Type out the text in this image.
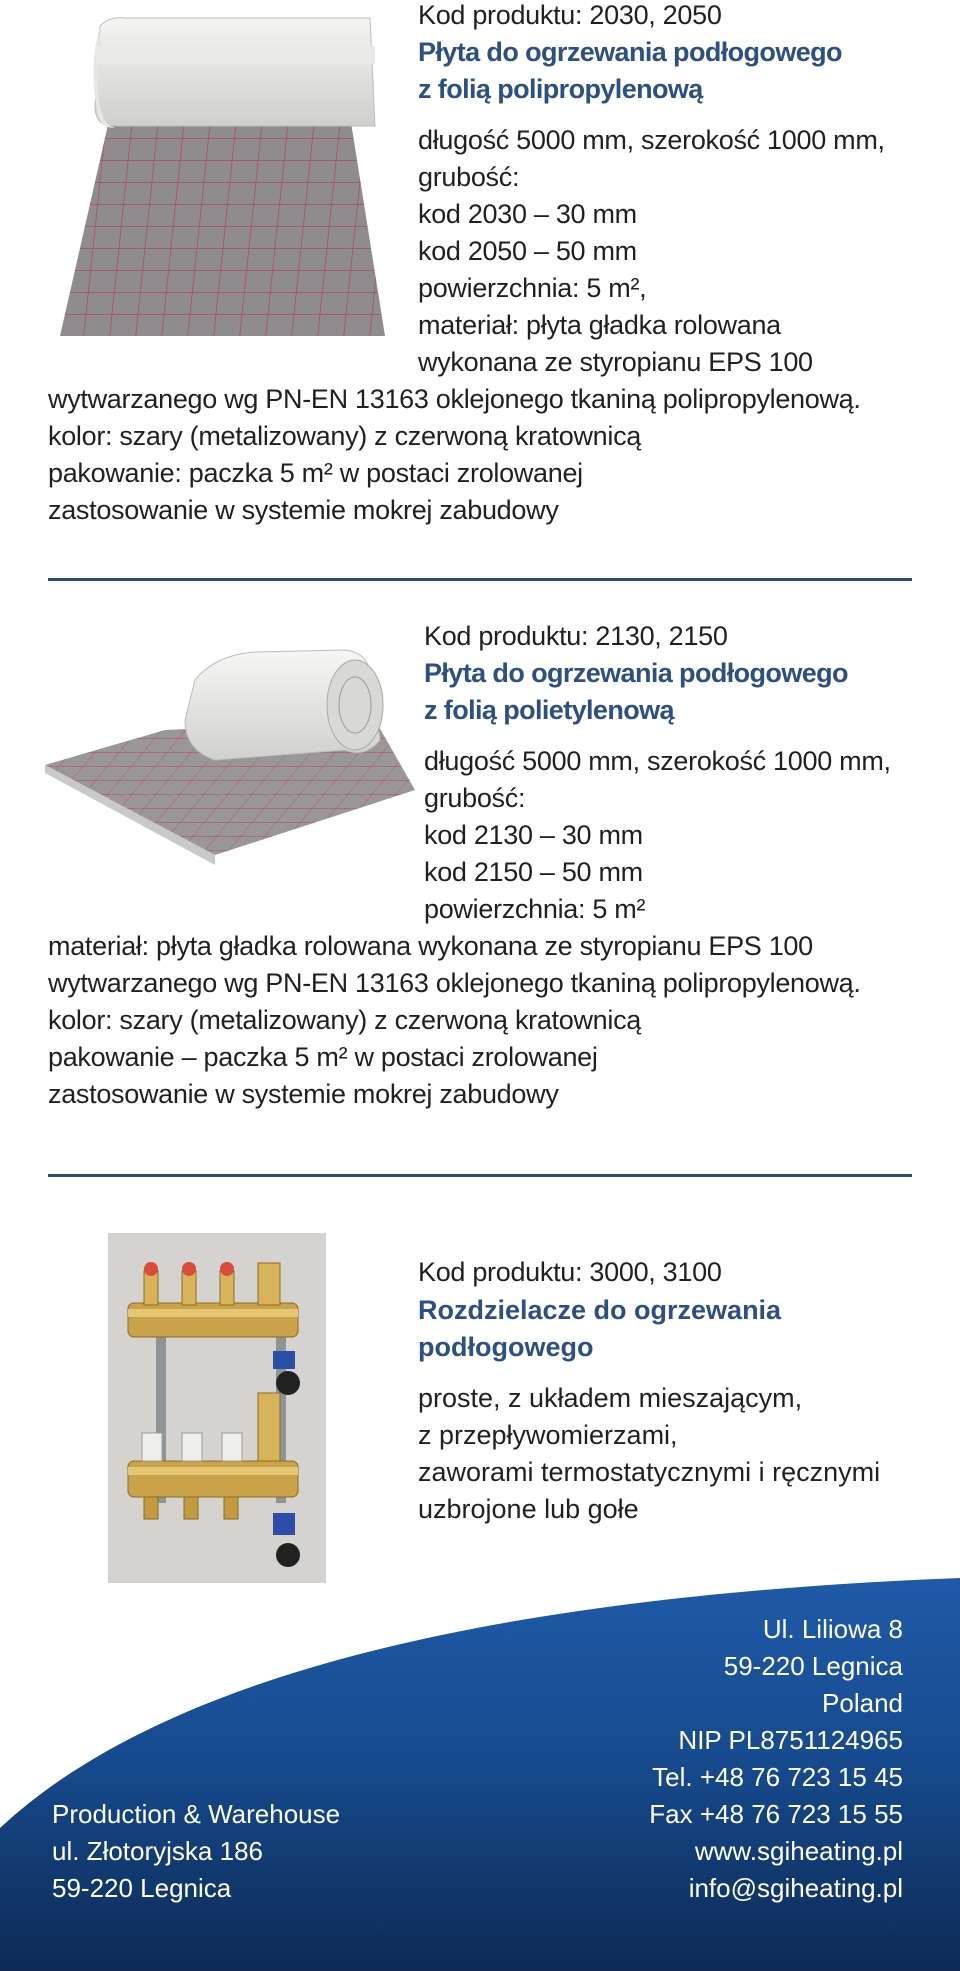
Kod produktu: 2030, 2050
Płyta do ogrzewania podłogowego
z folią polipropylenową
długość 5000 mm, szerokość 1000 mm,
grubość:
kod 2030 – 30 mm
kod 2050 – 50 mm
powierzchnia: 5 m²,
materiał: płyta gładka rolowana
wykonana ze styropianu EPS 100
wytwarzanego wg PN-EN 13163 oklejonego tkaniną polipropylenową.
kolor: szary (metalizowany) z czerwoną kratownicą
pakowanie: paczka 5 m² w postaci zrolowanej
zastosowanie w systemie mokrej zabudowy
Kod produktu: 2130, 2150
Płyta do ogrzewania podłogowego
z folią polietylenową
długość 5000 mm, szerokość 1000 mm,
grubość:
kod 2130 – 30 mm
kod 2150 – 50 mm
powierzchnia: 5 m²
materiał: płyta gładka rolowana wykonana ze styropianu EPS 100
wytwarzanego wg PN-EN 13163 oklejonego tkaniną polipropylenową.
kolor: szary (metalizowany) z czerwoną kratownicą
pakowanie – paczka 5 m² w postaci zrolowanej
zastosowanie w systemie mokrej zabudowy
Kod produktu: 3000, 3100
Rozdzielacze do ogrzewania
podłogowego
proste, z układem mieszającym,
z przepływomierzami,
zaworami termostatycznymi i ręcznymi
uzbrojone lub gołe
Production & Warehouse
ul. Złotoryjska 186
59-220 Legnica
Ul. Liliowa 8
59-220 Legnica
Poland
NIP PL8751124965
Tel. +48 76 723 15 45
Fax +48 76 723 15 55
www.sgiheating.pl
info@sgiheating.pl
